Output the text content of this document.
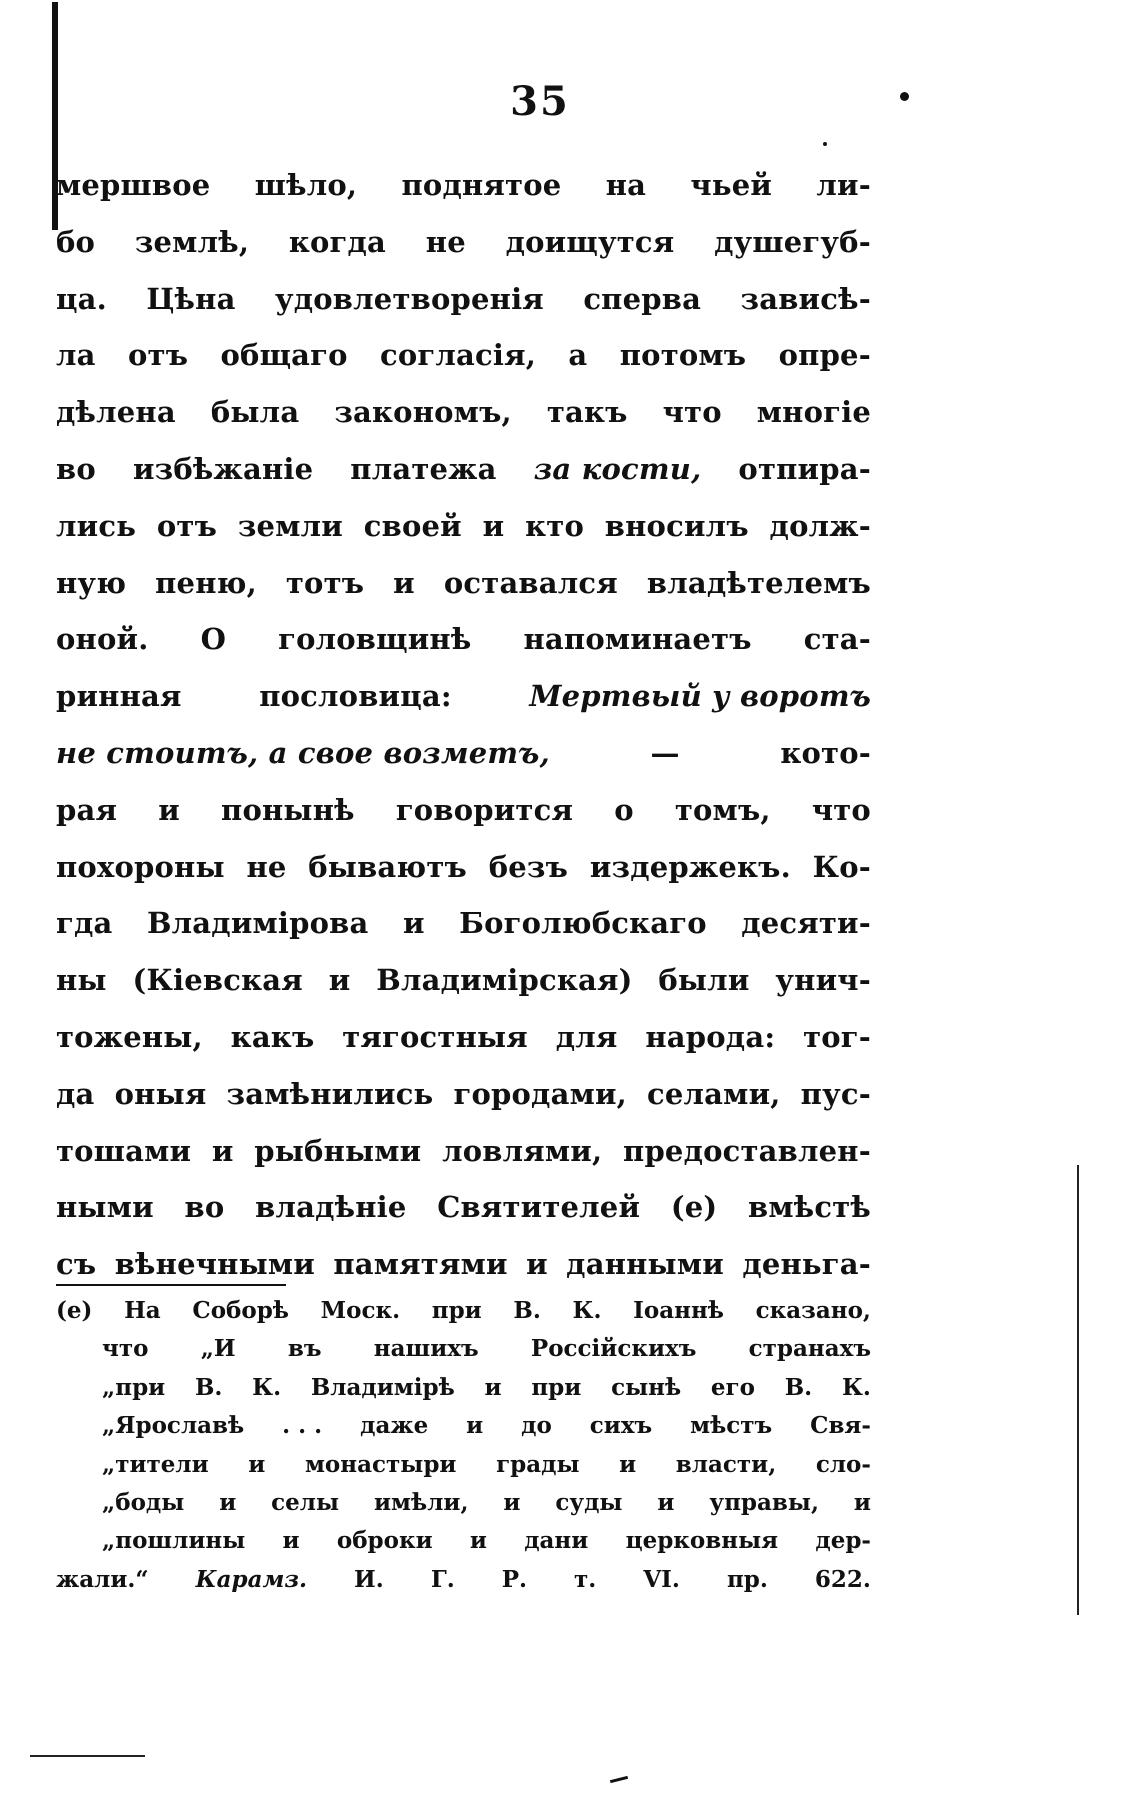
35
мершвое шѣло, поднятое на чьей ли-
бо землѣ, когда не доищутся душегуб-
ца. Цѣна удовлетворенія сперва зависѣ-
ла отъ общаго согласія, а потомъ опре-
дѣлена была закономъ, такъ что многіе
во избѣжаніе платежа за кости, отпира-
лись отъ земли своей и кто вносилъ долж-
ную пеню, тотъ и оставался владѣтелемъ
оной. О головщинѣ напоминаетъ ста-
ринная	пословица:	Мертвый у воротъ
не стоитъ, а свое возметъ,	—	кото-
рая и понынѣ говорится о томъ, что
похороны не бываютъ безъ издержекъ. Ко-
гда Владимірова и Боголюбскаго десяти-
ны (Кіевская и Владимірская) были унич-
тожены, какъ тягостныя для народа: тог-
да оныя замѣнились городами, селами, пус-
тошами и рыбными ловлями, предоставлен-
ными во владѣніе Святителей (е) вмѣстѣ
съ вѣнечными памятями и данными деньга-
(е) На Соборѣ Моск. при В. К. Іоаннѣ сказано,
что „И въ нашихъ Россійскихъ странахъ
„при В. К. Владимірѣ и при сынѣ его В. К.
„Ярославѣ . . . даже и до сихъ мѣстъ Свя-
„тители и монастыри грады и власти, сло-
„боды и селы имѣли, и суды и управы, и
„пошлины и оброки и дани церковныя дер-
жали.“ Карамз. И. Г. Р. т. VI. пр. 622.
